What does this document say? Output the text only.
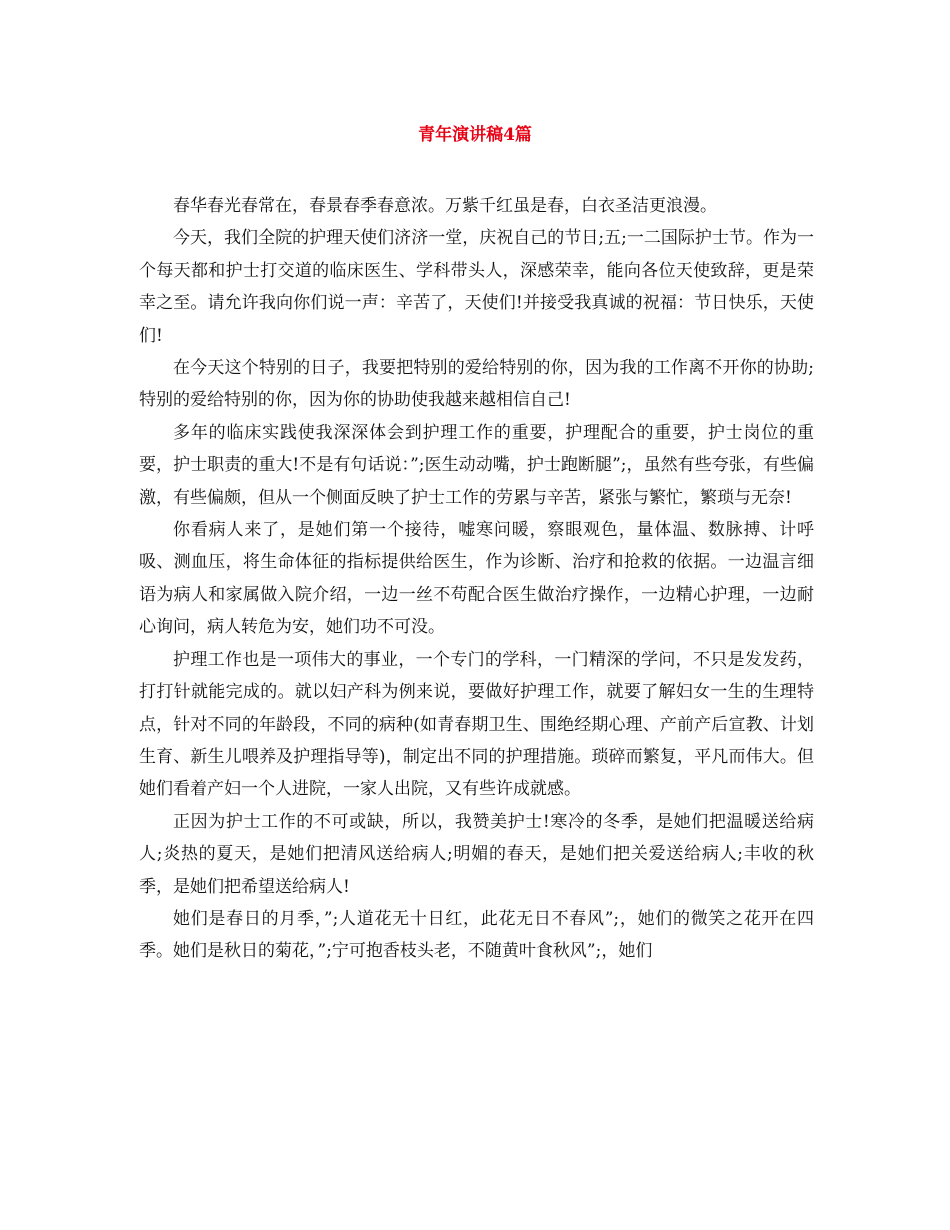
青年演讲稿4篇

春华春光春常在，春景春季春意浓。万紫千红虽是春，白衣圣洁更浪漫。

今天，我们全院的护理天使们济济一堂，庆祝自己的节日;五;一二国际护士节。作为一个每天都和护士打交道的临床医生、学科带头人，深感荣幸，能向各位天使致辞，更是荣幸之至。请允许我向你们说一声：辛苦了，天使们!并接受我真诚的祝福：节日快乐，天使们!

在今天这个特别的日子，我要把特别的爱给特别的你，因为我的工作离不开你的协助;特别的爱给特别的你，因为你的协助使我越来越相信自己!

多年的临床实践使我深深体会到护理工作的重要，护理配合的重要，护士岗位的重要，护士职责的重大!不是有句话说：”;医生动动嘴，护士跑断腿”;，虽然有些夸张，有些偏激，有些偏颇，但从一个侧面反映了护士工作的劳累与辛苦，紧张与繁忙，繁琐与无奈!

你看病人来了，是她们第一个接待，嘘寒问暖，察眼观色，量体温、数脉搏、计呼吸、测血压，将生命体征的指标提供给医生，作为诊断、治疗和抢救的依据。一边温言细语为病人和家属做入院介绍，一边一丝不苟配合医生做治疗操作，一边精心护理，一边耐心询问，病人转危为安，她们功不可没。

护理工作也是一项伟大的事业，一个专门的学科，一门精深的学问，不只是发发药，打打针就能完成的。就以妇产科为例来说，要做好护理工作，就要了解妇女一生的生理特点，针对不同的年龄段，不同的病种(如青春期卫生、围绝经期心理、产前产后宣教、计划生育、新生儿喂养及护理指导等)，制定出不同的护理措施。琐碎而繁复，平凡而伟大。但她们看着产妇一个人进院，一家人出院，又有些许成就感。

正因为护士工作的不可或缺，所以，我赞美护士!寒冷的冬季，是她们把温暖送给病人;炎热的夏天，是她们把清风送给病人;明媚的春天，是她们把关爱送给病人;丰收的秋季，是她们把希望送给病人!

她们是春日的月季，”;人道花无十日红，此花无日不春风”;，她们的微笑之花开在四季。她们是秋日的菊花，”;宁可抱香枝头老，不随黄叶食秋风”;，她们
